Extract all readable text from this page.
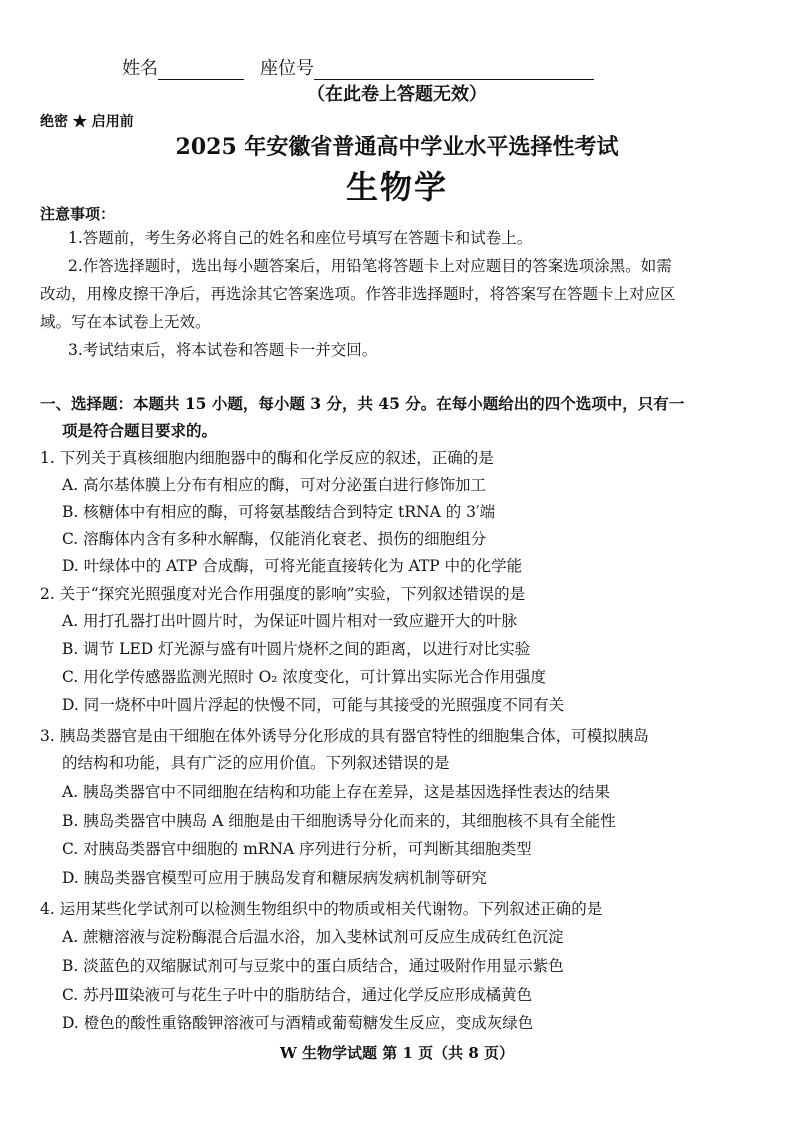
姓名	座位号
（在此卷上答题无效）
绝密 ★ 启用前
2025 年安徽省普通高中学业水平选择性考试
生物学
注意事项：
1.答题前，考生务必将自己的姓名和座位号填写在答题卡和试卷上。
2.作答选择题时，选出每小题答案后，用铅笔将答题卡上对应题目的答案选项涂黑。如需
改动，用橡皮擦干净后，再选涂其它答案选项。作答非选择题时，将答案写在答题卡上对应区
域。写在本试卷上无效。
3.考试结束后，将本试卷和答题卡一并交回。
一、选择题：本题共 15 小题，每小题 3 分，共 45 分。在每小题给出的四个选项中，只有一
项是符合题目要求的。
1. 下列关于真核细胞内细胞器中的酶和化学反应的叙述，正确的是
A. 高尔基体膜上分布有相应的酶，可对分泌蛋白进行修饰加工
B. 核糖体中有相应的酶，可将氨基酸结合到特定 tRNA 的 3′端
C. 溶酶体内含有多种水解酶，仅能消化衰老、损伤的细胞组分
D. 叶绿体中的 ATP 合成酶，可将光能直接转化为 ATP 中的化学能
2. 关于“探究光照强度对光合作用强度的影响”实验，下列叙述错误的是
A. 用打孔器打出叶圆片时，为保证叶圆片相对一致应避开大的叶脉
B. 调节 LED 灯光源与盛有叶圆片烧杯之间的距离，以进行对比实验
C. 用化学传感器监测光照时 O₂ 浓度变化，可计算出实际光合作用强度
D. 同一烧杯中叶圆片浮起的快慢不同，可能与其接受的光照强度不同有关
3. 胰岛类器官是由干细胞在体外诱导分化形成的具有器官特性的细胞集合体，可模拟胰岛
的结构和功能，具有广泛的应用价值。下列叙述错误的是
A. 胰岛类器官中不同细胞在结构和功能上存在差异，这是基因选择性表达的结果
B. 胰岛类器官中胰岛 A 细胞是由干细胞诱导分化而来的，其细胞核不具有全能性
C. 对胰岛类器官中细胞的 mRNA 序列进行分析，可判断其细胞类型
D. 胰岛类器官模型可应用于胰岛发育和糖尿病发病机制等研究
4. 运用某些化学试剂可以检测生物组织中的物质或相关代谢物。下列叙述正确的是
A. 蔗糖溶液与淀粉酶混合后温水浴，加入斐林试剂可反应生成砖红色沉淀
B. 淡蓝色的双缩脲试剂可与豆浆中的蛋白质结合，通过吸附作用显示紫色
C. 苏丹Ⅲ染液可与花生子叶中的脂肪结合，通过化学反应形成橘黄色
D. 橙色的酸性重铬酸钾溶液可与酒精或葡萄糖发生反应，变成灰绿色
W 生物学试题 第 1 页（共 8 页）
